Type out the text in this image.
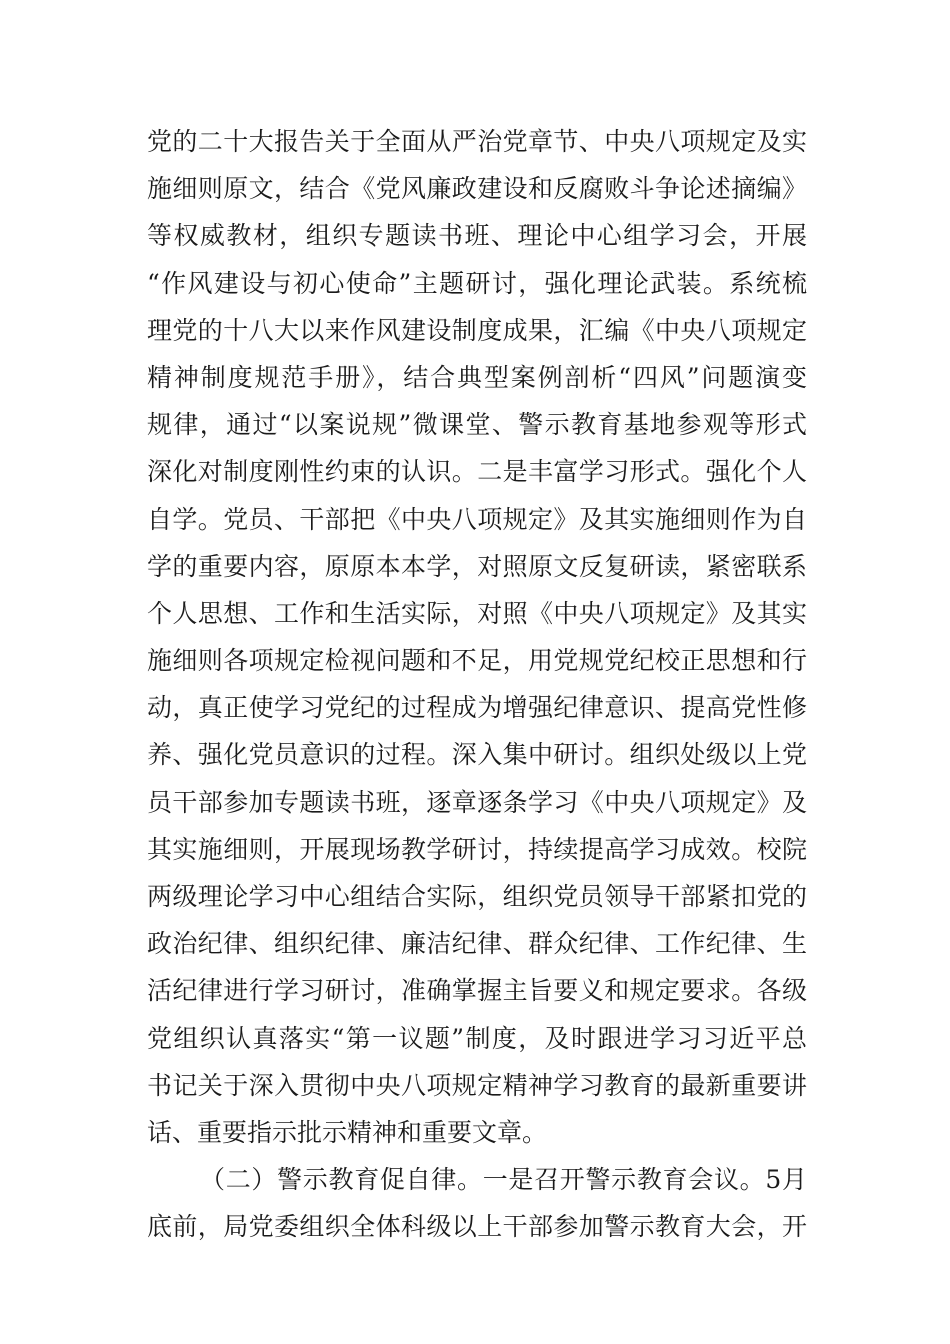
党的二十大报告关于全面从严治党章节、中央八项规定及实
施细则原文，结合《党风廉政建设和反腐败斗争论述摘编》
等权威教材，组织专题读书班、理论中心组学习会，开展
“作风建设与初心使命”主题研讨，强化理论武装。系统梳
理党的十八大以来作风建设制度成果，汇编《中央八项规定
精神制度规范手册》，结合典型案例剖析“四风”问题演变
规律，通过“以案说规”微课堂、警示教育基地参观等形式
深化对制度刚性约束的认识。二是丰富学习形式。强化个人
自学。党员、干部把《中央八项规定》及其实施细则作为自
学的重要内容，原原本本学，对照原文反复研读，紧密联系
个人思想、工作和生活实际，对照《中央八项规定》及其实
施细则各项规定检视问题和不足，用党规党纪校正思想和行
动，真正使学习党纪的过程成为增强纪律意识、提高党性修
养、强化党员意识的过程。深入集中研讨。组织处级以上党
员干部参加专题读书班，逐章逐条学习《中央八项规定》及
其实施细则，开展现场教学研讨，持续提高学习成效。校院
两级理论学习中心组结合实际，组织党员领导干部紧扣党的
政治纪律、组织纪律、廉洁纪律、群众纪律、工作纪律、生
活纪律进行学习研讨，准确掌握主旨要义和规定要求。各级
党组织认真落实“第一议题”制度，及时跟进学习习近平总
书记关于深入贯彻中央八项规定精神学习教育的最新重要讲
话、重要指示批示精神和重要文章。
（二）警示教育促自律。一是召开警示教育会议。5月
底前，局党委组织全体科级以上干部参加警示教育大会，开
